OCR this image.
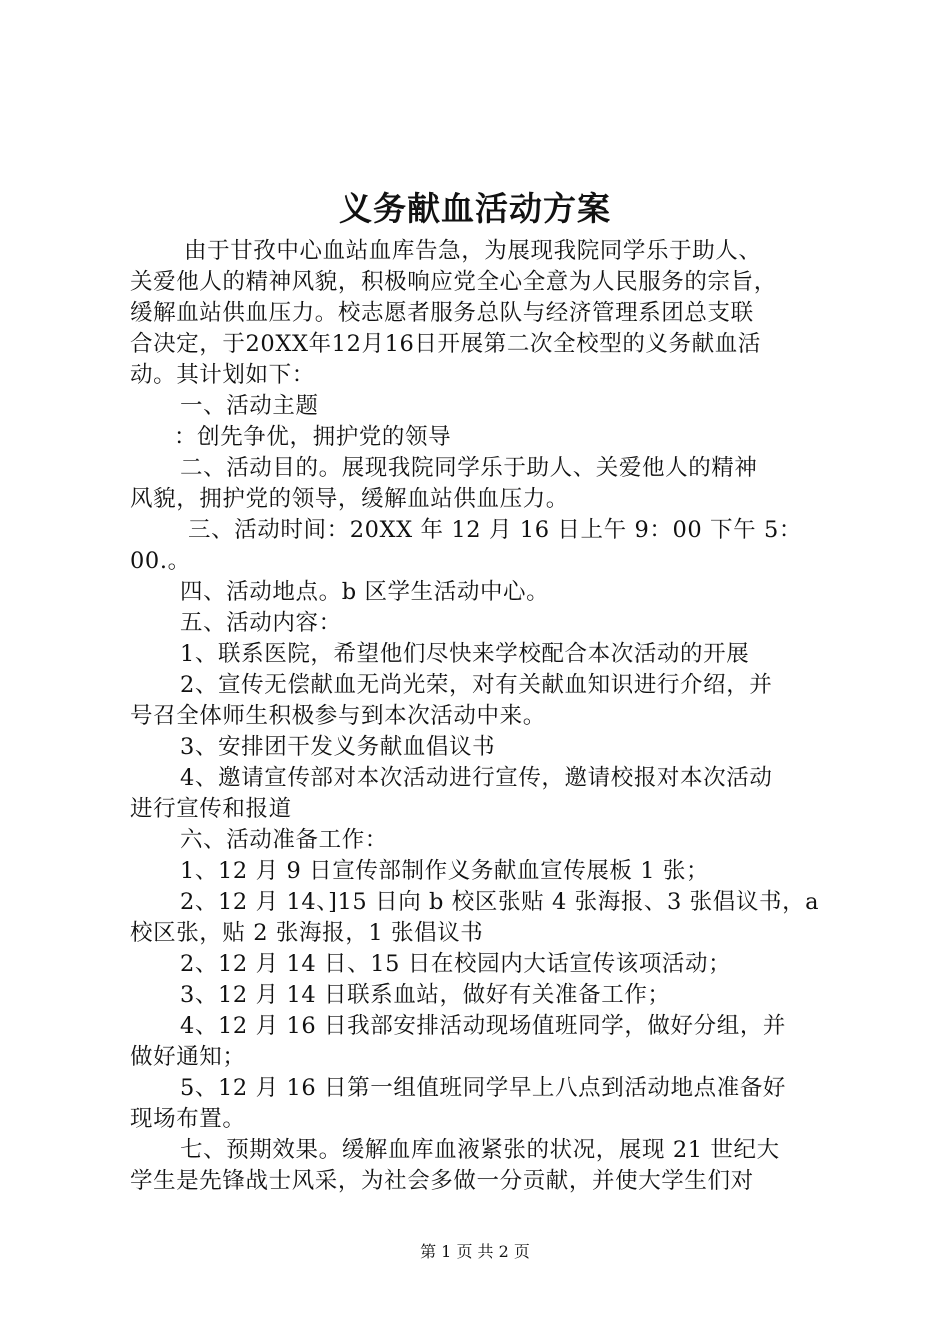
义务献血活动方案
由于甘孜中心血站血库告急，为展现我院同学乐于助人、
关爱他人的精神风貌，积极响应党全心全意为人民服务的宗旨，
缓解血站供血压力。校志愿者服务总队与经济管理系团总支联
合决定，于20XX年12月16日开展第二次全校型的义务献血活
动。其计划如下：
一、活动主题
：创先争优，拥护党的领导
二、活动目的。展现我院同学乐于助人、关爱他人的精神
风貌，拥护党的领导，缓解血站供血压力。
三、活动时间：20XX 年 12 月 16 日上午 9：00 下午 5：
00.。
四、活动地点。b 区学生活动中心。
五、活动内容：
1、联系医院，希望他们尽快来学校配合本次活动的开展
2、宣传无偿献血无尚光荣，对有关献血知识进行介绍，并
号召全体师生积极参与到本次活动中来。
3、安排团干发义务献血倡议书
4、邀请宣传部对本次活动进行宣传，邀请校报对本次活动
进行宣传和报道
六、活动准备工作：
1、12 月 9 日宣传部制作义务献血宣传展板 1 张；
2、12 月 14、]15 日向 b 校区张贴 4 张海报、3 张倡议书，a
校区张，贴 2 张海报，1 张倡议书
2、12 月 14 日、15 日在校园内大话宣传该项活动；
3、12 月 14 日联系血站，做好有关准备工作；
4、12 月 16 日我部安排活动现场值班同学，做好分组，并
做好通知；
5、12 月 16 日第一组值班同学早上八点到活动地点准备好
现场布置。
七、预期效果。缓解血库血液紧张的状况，展现 21 世纪大
学生是先锋战士风采，为社会多做一分贡献，并使大学生们对
第 1 页 共 2 页
